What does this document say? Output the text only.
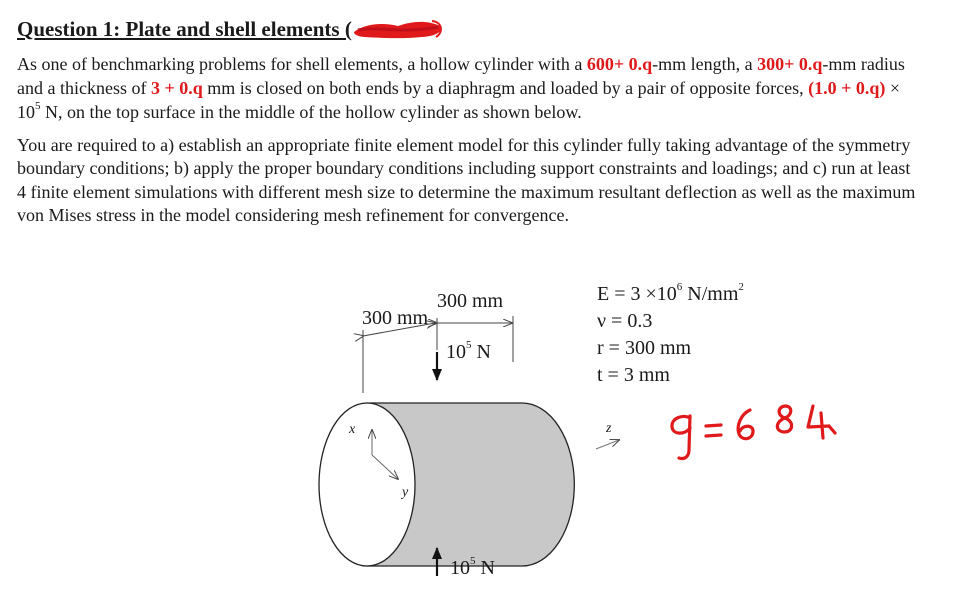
Question 1: Plate and shell elements (

As one of benchmarking problems for shell elements, a hollow cylinder with a 600+ 0.q-mm length, a 300+ 0.q-mm radius and a thickness of 3 + 0.q mm is closed on both ends by a diaphragm and loaded by a pair of opposite forces, $(1.0 + 0.q) \times 10^5$ N, on the top surface in the middle of the hollow cylinder as shown below.

You are required to a) establish an appropriate finite element model for this cylinder fully taking advantage of the symmetry boundary conditions; b) apply the proper boundary conditions including support constraints and loadings; and c) run at least 4 finite element simulations with different mesh size to determine the maximum resultant deflection as well as the maximum von Mises stress in the model considering mesh refinement for convergence.

300 mm
300 mm
$10^5$ N
$10^5$ N
x
y
z
$E = 3 \times 10^6$ $N/mm^2$
ν = 0.3
r = 300 mm
t = 3 mm
